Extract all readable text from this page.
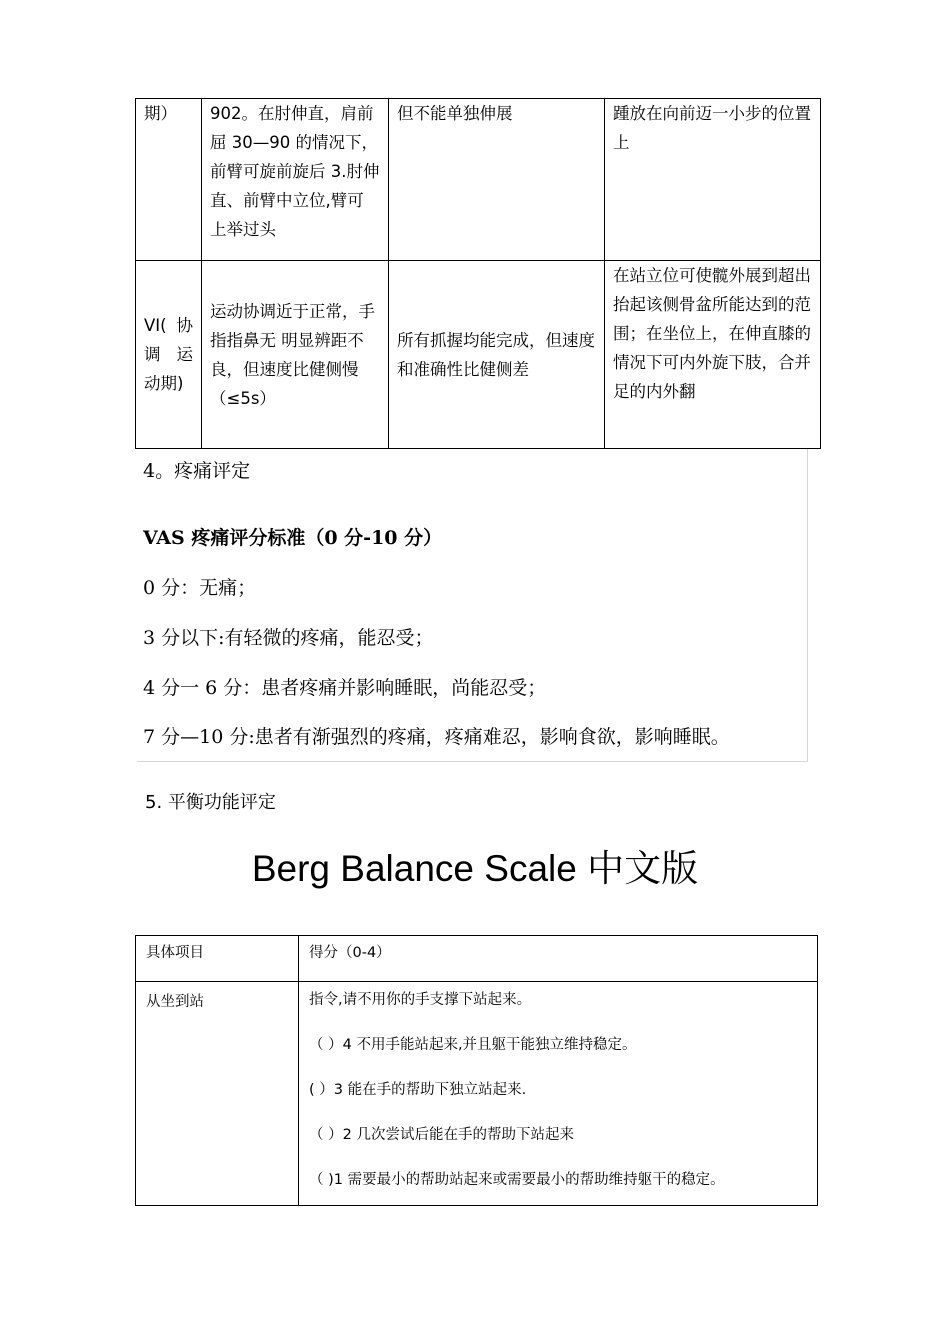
期）	902。在肘伸直，肩前屈 30—90 的情况下，前臂可旋前旋后 3.肘伸直、前臂中立位,臂可上举过头	但不能单独伸展	踵放在向前迈一小步的位置上
VI( 协调 运动期)	运动协调近于正常，手指指鼻无 明显辨距不良，但速度比健侧慢（≤5s）	所有抓握均能完成，但速度和准确性比健侧差	在站立位可使髋外展到超出抬起该侧骨盆所能达到的范围；在坐位上，在伸直膝的情况下可内外旋下肢，合并足的内外翻
4。疼痛评定
VAS 疼痛评分标准（0 分-10 分）
0 分：无痛；
3 分以下:有轻微的疼痛，能忍受；
4 分一 6 分：患者疼痛并影响睡眠，尚能忍受；
7 分—10 分:患者有渐强烈的疼痛，疼痛难忍，影响食欲，影响睡眠。
5. 平衡功能评定
Berg Balance Scale 中文版
具体项目	得分（0-4）
从坐到站	指令,请不用你的手支撑下站起来。
（ ）4 不用手能站起来,并且躯干能独立维持稳定。
( ）3 能在手的帮助下独立站起来.
（ ）2 几次尝试后能在手的帮助下站起来
（ )1 需要最小的帮助站起来或需要最小的帮助维持躯干的稳定。
